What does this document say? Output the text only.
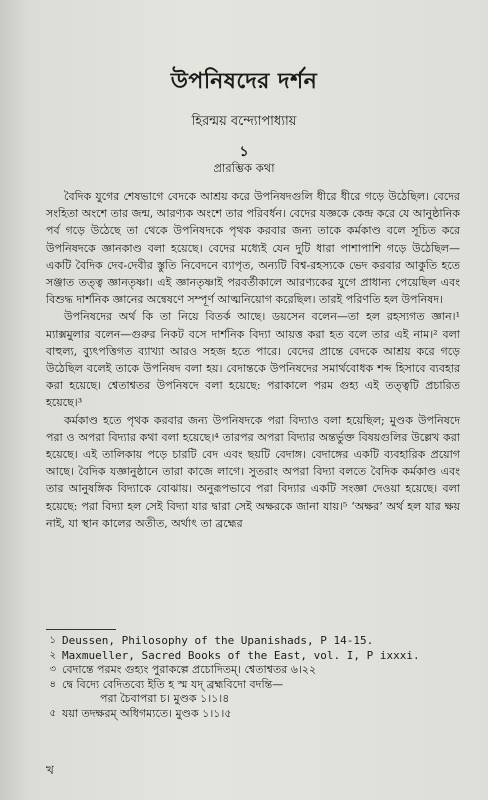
উপনিষদের দর্শন
হিরন্ময় বন্দ্যোপাধ্যায়
১
প্রারম্ভিক কথা

বৈদিক যুগের শেষভাগে বেদকে আশ্রয় করে উপনিষদগুলি ধীরে ধীরে গড়ে উঠেছিল। বেদের সংহিতা অংশে তার জন্ম, আরণ্যক অংশে তার পরিবর্ধন। বেদের যজ্ঞকে কেন্দ্র করে যে আনুষ্ঠানিক পর্ব গড়ে উঠেছে তা থেকে উপনিষদকে পৃথক করবার জন্য তাকে কর্মকাণ্ড বলে সূচিত করে উপনিষদকে জ্ঞানকাণ্ড বলা হয়েছে। বেদের মধ্যেই যেন দুটি ধারা পাশাপাশি গড়ে উঠেছিল—একটি বৈদিক দেব-দেবীর স্তুতি নিবেদনে ব্যাপৃত, অন্যটি বিশ্ব-রহস্যকে ভেদ করবার আকুতি হতে সঞ্জাত তত্ত্ব জ্ঞানতৃষ্ণা। এই জ্ঞানতৃষ্ণাই পরবর্তীকালে আরণ্যকের যুগে প্রাধান্য পেয়েছিল এবং বিশুদ্ধ দার্শনিক জ্ঞানের অন্বেষণে সম্পূর্ণ আত্মনিয়োগ করেছিল। তারই পরিণতি হল উপনিষদ।

উপনিষদের অর্থ কি তা নিয়ে বিতর্ক আছে। ডয়সেন বলেন—তা হল রহস্যগত জ্ঞান।¹ ম্যাক্সমুলার বলেন—গুরুর নিকট বসে দার্শনিক বিদ্যা আয়ত্ত করা হত বলে তার এই নাম।² বলা বাহুল্য, ব্যুৎপত্তিগত ব্যাখ্যা আরও সহজ হতে পারে। বেদের প্রান্তে বেদকে আশ্রয় করে গড়ে উঠেছিল বলেই তাকে উপনিষদ বলা হয়। বেদান্তকে উপনিষদের সমার্থবোধক শব্দ হিসাবে ব্যবহার করা হয়েছে। শ্বেতাশ্বতর উপনিষদে বলা হয়েছে: পরাকালে পরম গুহ্য এই তত্ত্বটি প্রচারিত হয়েছে।³

কর্মকাণ্ড হতে পৃথক করবার জন্য উপনিষদকে পরা বিদ্যাও বলা হয়েছিল; মুণ্ডক উপনিষদে পরা ও অপরা বিদ্যার কথা বলা হয়েছে।⁴ তারপর অপরা বিদ্যার অন্তর্ভুক্ত বিষয়গুলির উল্লেখ করা হয়েছে। এই তালিকায় পড়ে চারটি বেদ এবং ছয়টি বেদাঙ্গ। বেদাঙ্গের একটি ব্যবহারিক প্রয়োগ আছে। বৈদিক যজ্ঞানুষ্ঠানে তারা কাজে লাগে। সুতরাং অপরা বিদ্যা বলতে বৈদিক কর্মকাণ্ড এবং তার আনুষঙ্গিক বিদ্যাকে বোঝায়। অনুরূপভাবে পরা বিদ্যার একটি সংজ্ঞা দেওয়া হয়েছে। বলা হয়েছে: পরা বিদ্যা হল সেই বিদ্যা যার দ্বারা সেই অক্ষরকে জানা যায়।⁵ ‘অক্ষর’ অর্থ হল যার ক্ষয় নাই, যা স্থান কালের অতীত, অর্থাৎ তা ব্রহ্মের

১ Deussen, Philosophy of the Upanishads, P 14-15.
২ Maxmueller, Sacred Books of the East, vol. I, P ixxxi.
৩ বেদান্তে পরমং গুহ্যং পুরাকল্পে প্রচোদিতম্‌। শ্বেতাশ্বতর ৬।২২
৪ দ্বে বিদ্যে বেদিতব্যে ইতি হ স্ম যদ্ ব্রহ্মবিদো বদন্তি—
পরা চৈবাপরা চ। মুণ্ডক ১।১।৪
৫ যয়া তদক্ষরম্ অধিগম্যতে। মুণ্ডক ১।১।৫
খ
